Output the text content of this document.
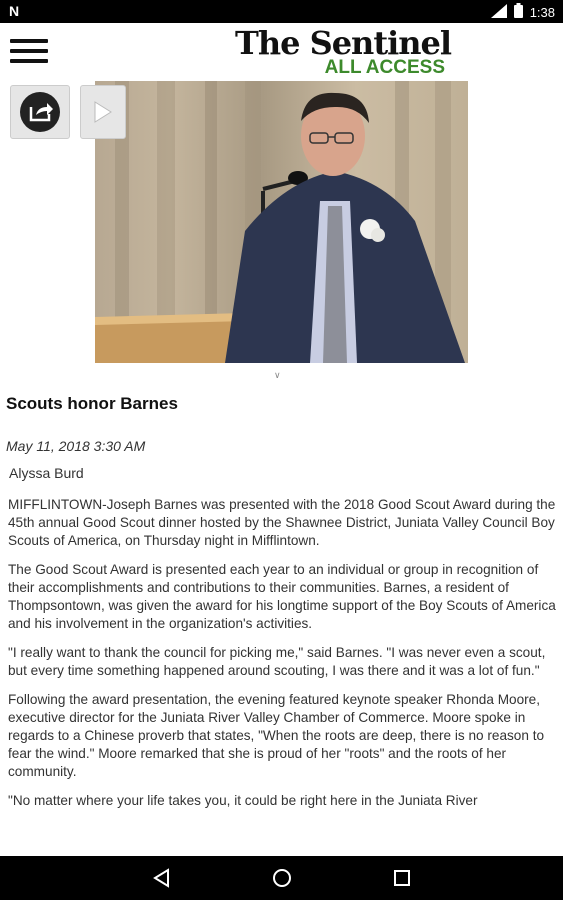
N	1:38
The Sentinel
ALL ACCESS
∨
Scouts honor Barnes
May 11, 2018 3:30 AM
Alyssa Burd

MIFFLINTOWN-Joseph Barnes was presented with the 2018 Good Scout Award during the 45th annual Good Scout dinner hosted by the Shawnee District, Juniata Valley Council Boy Scouts of America, on Thursday night in Mifflintown.

The Good Scout Award is presented each year to an individual or group in recognition of their accomplishments and contributions to their communities. Barnes, a resident of Thompsontown, was given the award for his longtime support of the Boy Scouts of America and his involvement in the organization's activities.

"I really want to thank the council for picking me," said Barnes. "I was never even a scout, but every time something happened around scouting, I was there and it was a lot of fun."

Following the award presentation, the evening featured keynote speaker Rhonda Moore, executive director for the Juniata River Valley Chamber of Commerce. Moore spoke in regards to a Chinese proverb that states, "When the roots are deep, there is no reason to fear the wind." Moore remarked that she is proud of her "roots" and the roots of her community.

"No matter where your life takes you, it could be right here in the Juniata River
